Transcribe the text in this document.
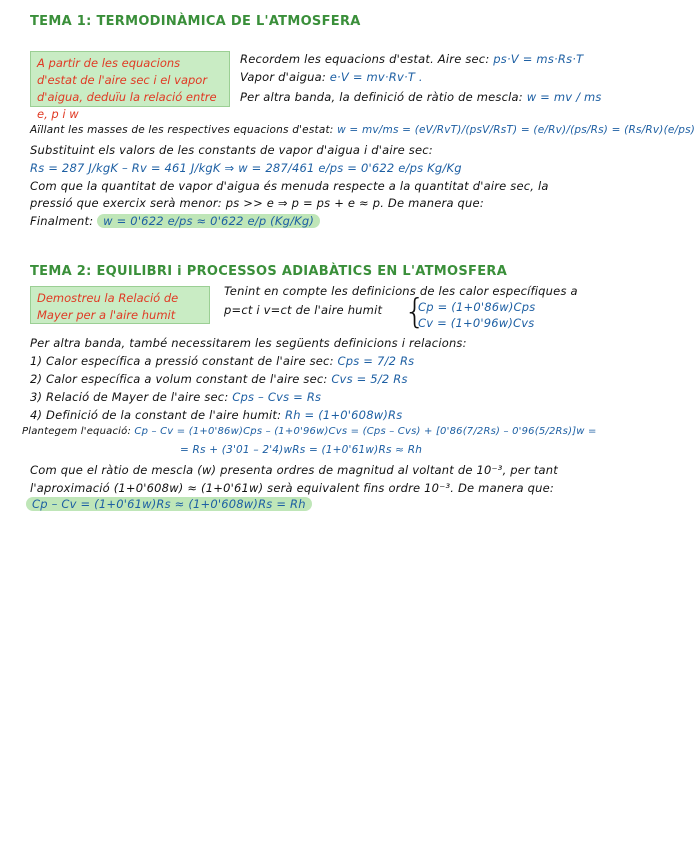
TEMA 1: TERMODINÀMICA DE L'ATMOSFERA
A partir de les equacions d'estat de l'aire sec i el vapor d'aigua, deduïu la relació entre e, p i w
Recordem les equacions d'estat. Aire sec: ps·V = ms·Rs·T
Vapor d'aigua: e·V = mv·Rv·T .
Per altra banda, la definició de ràtio de mescla: w = mv / ms
Aïllant les masses de les respectives equacions d'estat: w = mv/ms = (eV/RvT)/(psV/RsT) = (e/Rv)/(ps/Rs) = (Rs/Rv)(e/ps)
Substituint els valors de les constants de vapor d'aigua i d'aire sec:
Rs = 287 J/kgK – Rv = 461 J/kgK ⇒ w = 287/461 e/ps = 0'622 e/ps Kg/Kg
Com que la quantitat de vapor d'aigua és menuda respecte a la quantitat d'aire sec, la
pressió que exercix serà menor: ps >> e ⇒ p = ps + e ≈ p. De manera que:
Finalment: w = 0'622 e/ps ≈ 0'622 e/p (Kg/Kg)
TEMA 2: EQUILIBRI i PROCESSOS ADIABÀTICS EN L'ATMOSFERA
Demostreu la Relació de Mayer per a l'aire humit
Tenint en compte les definicions de les calor específiques a
p=ct i v=ct de l'aire humit {
Cp = (1+0'86w)Cps
Cv = (1+0'96w)Cvs
Per altra banda, també necessitarem les següents definicions i relacions:
1) Calor específica a pressió constant de l'aire sec: Cps = 7/2 Rs
2) Calor específica a volum constant de l'aire sec: Cvs = 5/2 Rs
3) Relació de Mayer de l'aire sec: Cps – Cvs = Rs
4) Definició de la constant de l'aire humit: Rh = (1+0'608w)Rs
Plantegem l'equació: Cp – Cv = (1+0'86w)Cps – (1+0'96w)Cvs = (Cps – Cvs) + [0'86(7/2Rs) – 0'96(5/2Rs)]w =
= Rs + (3'01 – 2'4)wRs = (1+0'61w)Rs ≈ Rh
Com que el ràtio de mescla (w) presenta ordres de magnitud al voltant de 10⁻³, per tant
l'aproximació (1+0'608w) ≈ (1+0'61w) serà equivalent fins ordre 10⁻³. De manera que:
Cp – Cv = (1+0'61w)Rs ≈ (1+0'608w)Rs = Rh
